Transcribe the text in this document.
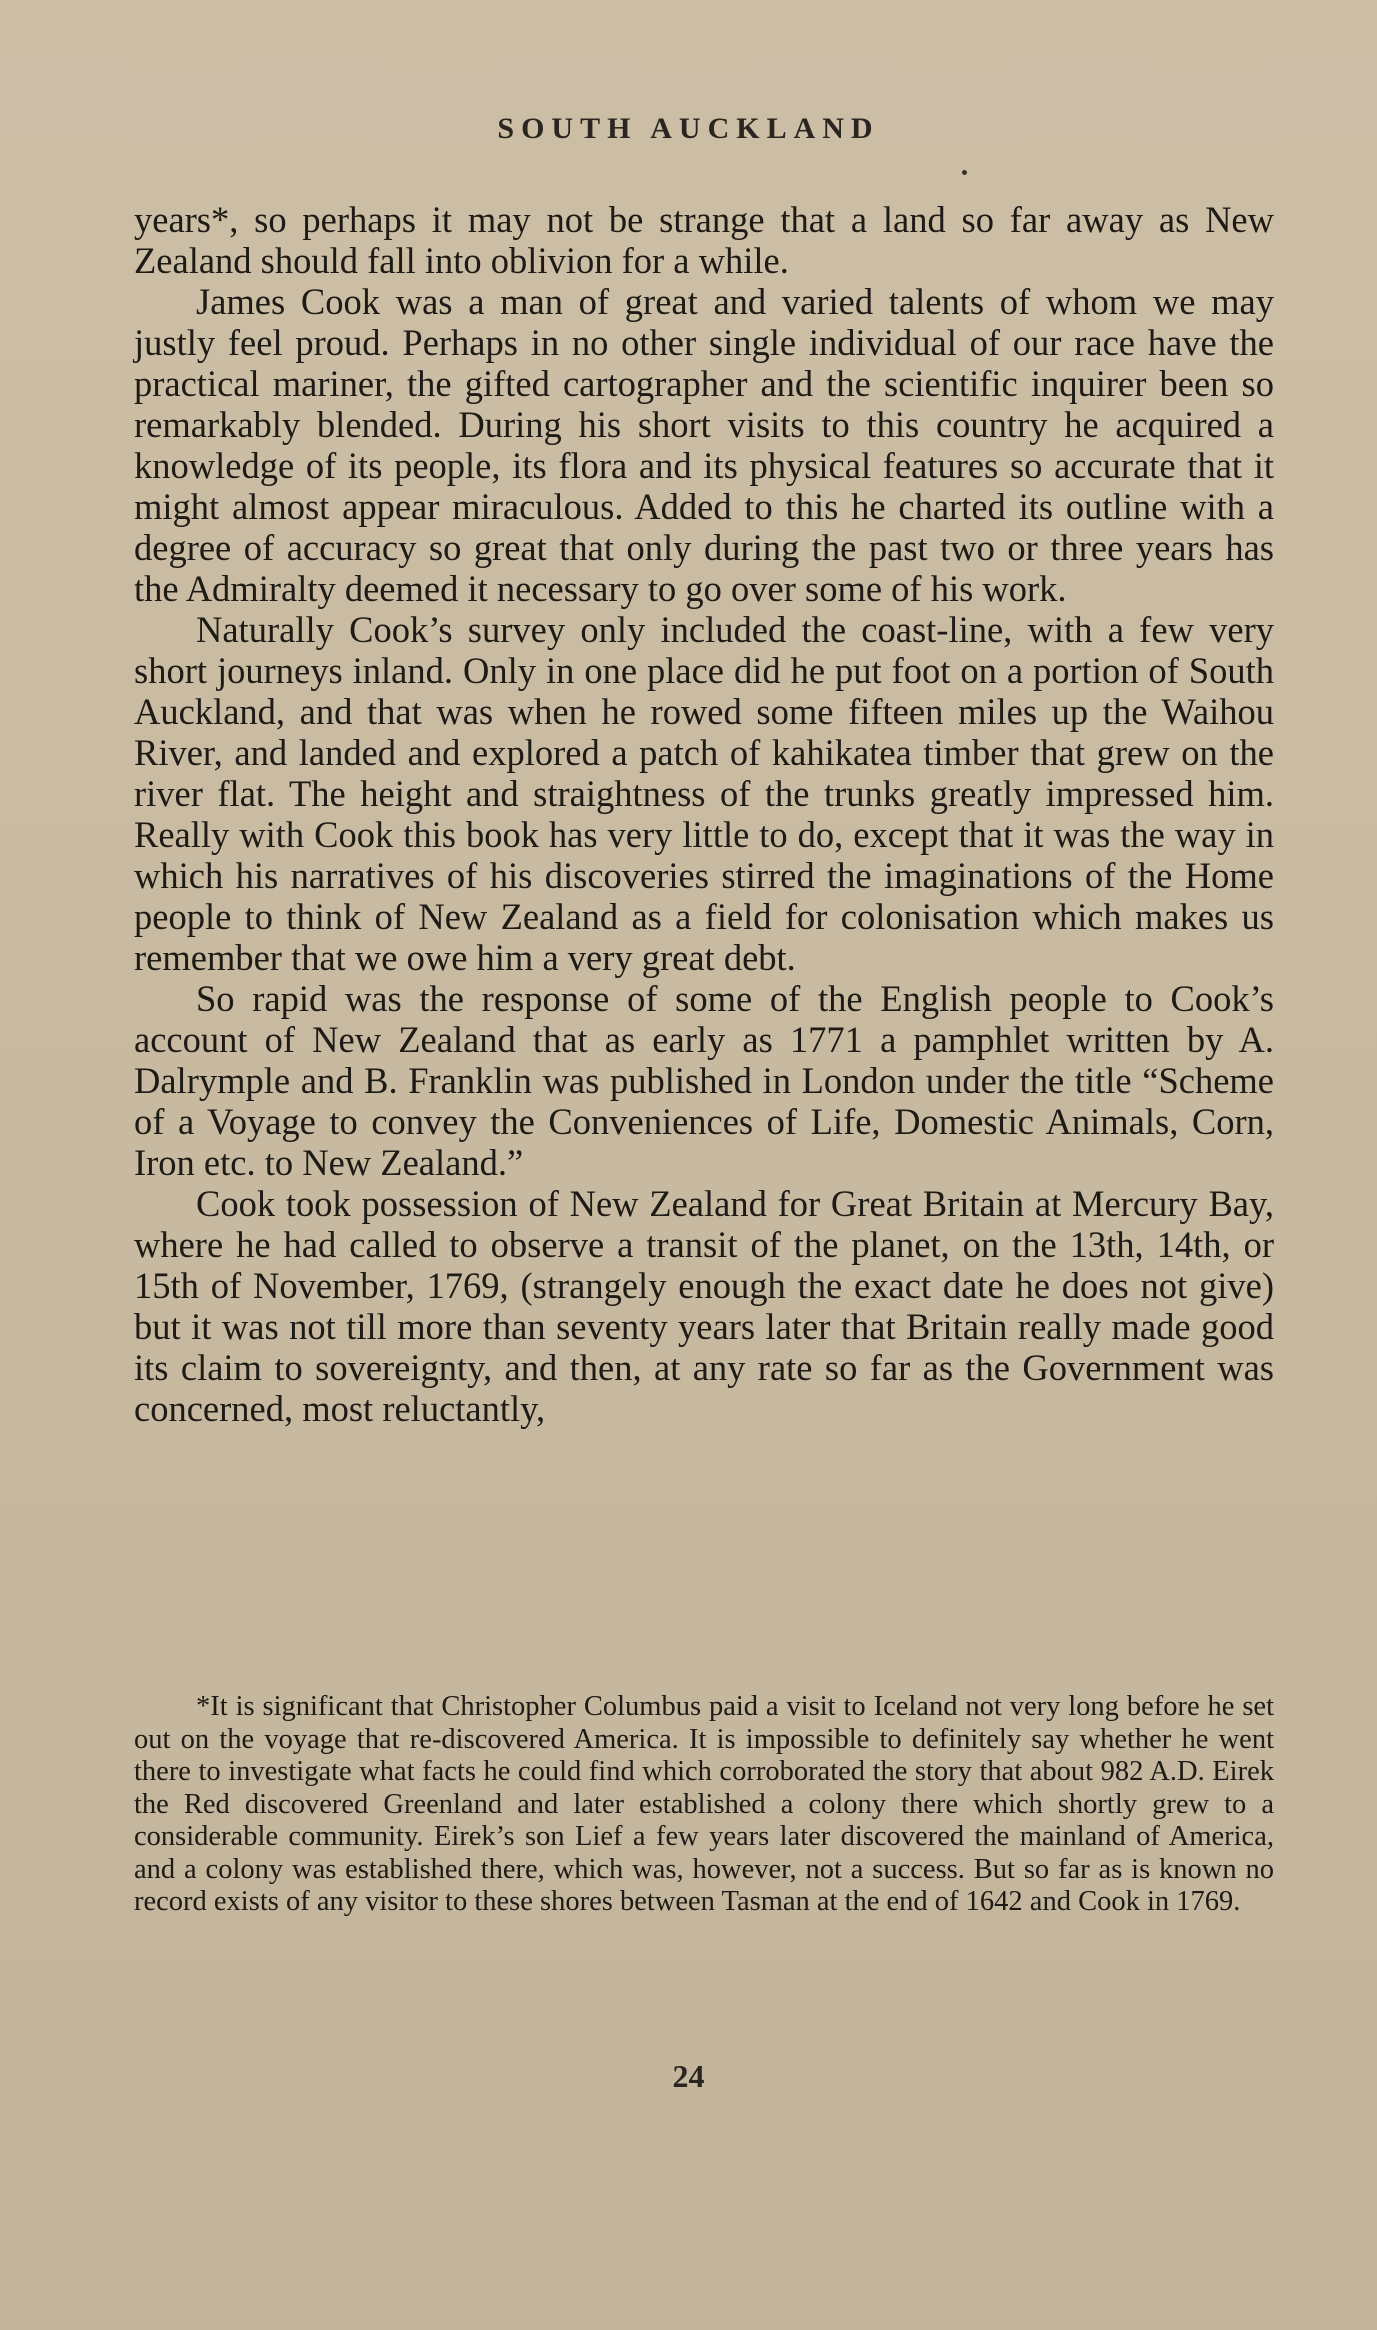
SOUTH AUCKLAND

years*, so perhaps it may not be strange that a land so far away as New Zealand should fall into oblivion for a while.

James Cook was a man of great and varied talents of whom we may justly feel proud. Perhaps in no other single individual of our race have the practical mariner, the gifted cartographer and the scientific inquirer been so remarkably blended. During his short visits to this country he acquired a knowledge of its people, its flora and its physical features so accurate that it might almost appear miraculous. Added to this he charted its outline with a degree of accuracy so great that only during the past two or three years has the Admiralty deemed it necessary to go over some of his work.

Naturally Cook’s survey only included the coast-line, with a few very short journeys inland. Only in one place did he put foot on a portion of South Auckland, and that was when he rowed some fifteen miles up the Waihou River, and landed and explored a patch of kahikatea timber that grew on the river flat. The height and straightness of the trunks greatly impressed him. Really with Cook this book has very little to do, except that it was the way in which his narratives of his discoveries stirred the imaginations of the Home people to think of New Zealand as a field for colonisation which makes us remember that we owe him a very great debt.

So rapid was the response of some of the English people to Cook’s account of New Zealand that as early as 1771 a pamphlet written by A. Dalrymple and B. Franklin was published in London under the title “Scheme of a Voyage to convey the Conveniences of Life, Domestic Animals, Corn, Iron etc. to New Zealand.”

Cook took possession of New Zealand for Great Britain at Mercury Bay, where he had called to observe a transit of the planet, on the 13th, 14th, or 15th of November, 1769, (strangely enough the exact date he does not give) but it was not till more than seventy years later that Britain really made good its claim to sovereignty, and then, at any rate so far as the Government was concerned, most reluctantly,

*It is significant that Christopher Columbus paid a visit to Iceland not very long before he set out on the voyage that re-discovered America. It is impossible to definitely say whether he went there to investigate what facts he could find which corroborated the story that about 982 A.D. Eirek the Red discovered Greenland and later established a colony there which shortly grew to a considerable community. Eirek’s son Lief a few years later discovered the mainland of America, and a colony was established there, which was, however, not a success. But so far as is known no record exists of any visitor to these shores between Tasman at the end of 1642 and Cook in 1769.

24
